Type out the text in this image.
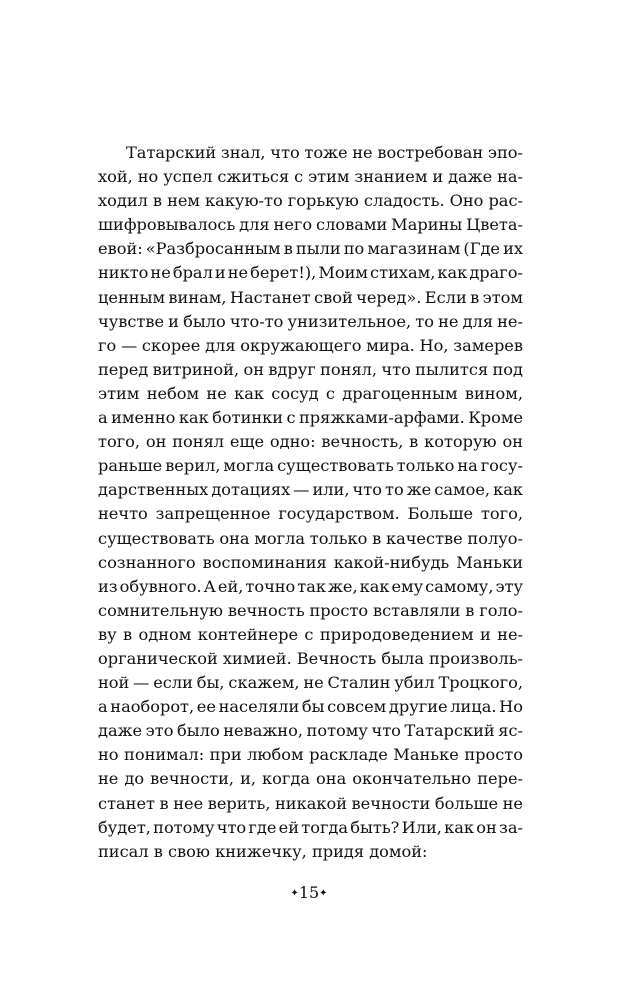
Татарский знал, что тоже не востребован эпо-
хой, но успел сжиться с этим знанием и даже на-
ходил в нем какую-то горькую сладость. Оно рас-
шифровывалось для него словами Марины Цвета-
евой: «Разбросанным в пыли по магазинам (Где их
никто не брал и не берет!), Моим стихам, как драго-
ценным винам, Настанет свой черед». Если в этом
чувстве и было что-то унизительное, то не для не-
го — скорее для окружающего мира. Но, замерев
перед витриной, он вдруг понял, что пылится под
этим небом не как сосуд с драгоценным вином,
а именно как ботинки с пряжками-арфами. Кроме
того, он понял еще одно: вечность, в которую он
раньше верил, могла существовать только на госу-
дарственных дотациях — или, что то же самое, как
нечто запрещенное государством. Больше того,
существовать она могла только в качестве полуо-
сознанного воспоминания какой-нибудь Маньки
из обувного. А ей, точно так же, как ему самому, эту
сомнительную вечность просто вставляли в голо-
ву в одном контейнере с природоведением и не-
органической химией. Вечность была произволь-
ной — если бы, скажем, не Сталин убил Троцкого,
а наоборот, ее населяли бы совсем другие лица. Но
даже это было неважно, потому что Татарский яс-
но понимал: при любом раскладе Маньке просто
не до вечности, и, когда она окончательно пере-
станет в нее верить, никакой вечности больше не
будет, потому что где ей тогда быть? Или, как он за-
писал в свою книжечку, придя домой:
✦15✦
